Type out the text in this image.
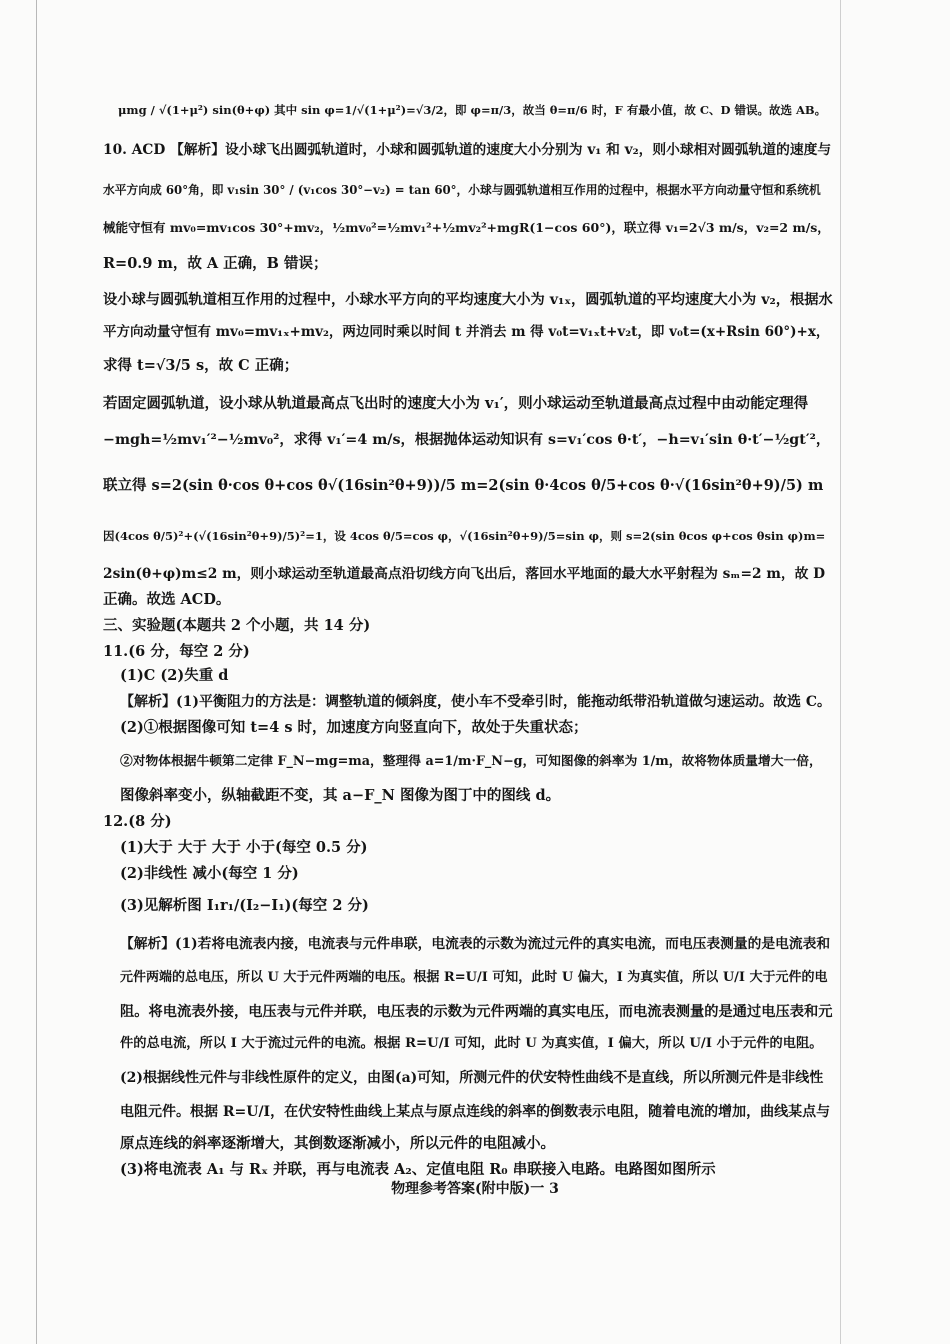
μmg / √(1+μ²) sin(θ+φ) 其中 sin φ=1/√(1+μ²)=√3/2，即 φ=π/3，故当 θ=π/6 时，F 有最小值，故 C、D 错误。故选 AB。
10. ACD 【解析】设小球飞出圆弧轨道时，小球和圆弧轨道的速度大小分别为 v₁ 和 v₂，则小球相对圆弧轨道的速度与
水平方向成 60°角，即 v₁sin 30° / (v₁cos 30°−v₂) = tan 60°，小球与圆弧轨道相互作用的过程中，根据水平方向动量守恒和系统机
械能守恒有 mv₀=mv₁cos 30°+mv₂，½mv₀²=½mv₁²+½mv₂²+mgR(1−cos 60°)，联立得 v₁=2√3 m/s，v₂=2 m/s，
R=0.9 m，故 A 正确，B 错误；
设小球与圆弧轨道相互作用的过程中，小球水平方向的平均速度大小为 v₁ₓ，圆弧轨道的平均速度大小为 v₂，根据水
平方向动量守恒有 mv₀=mv₁ₓ+mv₂，两边同时乘以时间 t 并消去 m 得 v₀t=v₁ₓt+v₂t，即 v₀t=(x+Rsin 60°)+x，
求得 t=√3/5 s，故 C 正确；
若固定圆弧轨道，设小球从轨道最高点飞出时的速度大小为 v₁′，则小球运动至轨道最高点过程中由动能定理得
−mgh=½mv₁′²−½mv₀²，求得 v₁′=4 m/s，根据抛体运动知识有 s=v₁′cos θ·t′，−h=v₁′sin θ·t′−½gt′²，
联立得 s=2(sin θ·cos θ+cos θ√(16sin²θ+9))/5 m=2(sin θ·4cos θ/5+cos θ·√(16sin²θ+9)/5) m
因(4cos θ/5)²+(√(16sin²θ+9)/5)²=1，设 4cos θ/5=cos φ，√(16sin²θ+9)/5=sin φ，则 s=2(sin θcos φ+cos θsin φ)m=
2sin(θ+φ)m≤2 m，则小球运动至轨道最高点沿切线方向飞出后，落回水平地面的最大水平射程为 sₘ=2 m，故 D
正确。故选 ACD。
三、实验题(本题共 2 个小题，共 14 分)
11.(6 分，每空 2 分)
(1)C (2)失重 d
【解析】(1)平衡阻力的方法是：调整轨道的倾斜度，使小车不受牵引时，能拖动纸带沿轨道做匀速运动。故选 C。
(2)①根据图像可知 t=4 s 时，加速度方向竖直向下，故处于失重状态；
②对物体根据牛顿第二定律 F_N−mg=ma，整理得 a=1/m·F_N−g，可知图像的斜率为 1/m，故将物体质量增大一倍，
图像斜率变小，纵轴截距不变，其 a−F_N 图像为图丁中的图线 d。
12.(8 分)
(1)大于 大于 大于 小于(每空 0.5 分)
(2)非线性 减小(每空 1 分)
(3)见解析图 I₁r₁/(I₂−I₁)(每空 2 分)
【解析】(1)若将电流表内接，电流表与元件串联，电流表的示数为流过元件的真实电流，而电压表测量的是电流表和
元件两端的总电压，所以 U 大于元件两端的电压。根据 R=U/I 可知，此时 U 偏大，I 为真实值，所以 U/I 大于元件的电
阻。将电流表外接，电压表与元件并联，电压表的示数为元件两端的真实电压，而电流表测量的是通过电压表和元
件的总电流，所以 I 大于流过元件的电流。根据 R=U/I 可知，此时 U 为真实值，I 偏大，所以 U/I 小于元件的电阻。
(2)根据线性元件与非线性原件的定义，由图(a)可知，所测元件的伏安特性曲线不是直线，所以所测元件是非线性
电阻元件。根据 R=U/I，在伏安特性曲线上某点与原点连线的斜率的倒数表示电阻，随着电流的增加，曲线某点与
原点连线的斜率逐渐增大，其倒数逐渐减小，所以元件的电阻减小。
(3)将电流表 A₁ 与 Rₓ 并联，再与电流表 A₂、定值电阻 R₀ 串联接入电路。电路图如图所示
物理参考答案(附中版)一 3
